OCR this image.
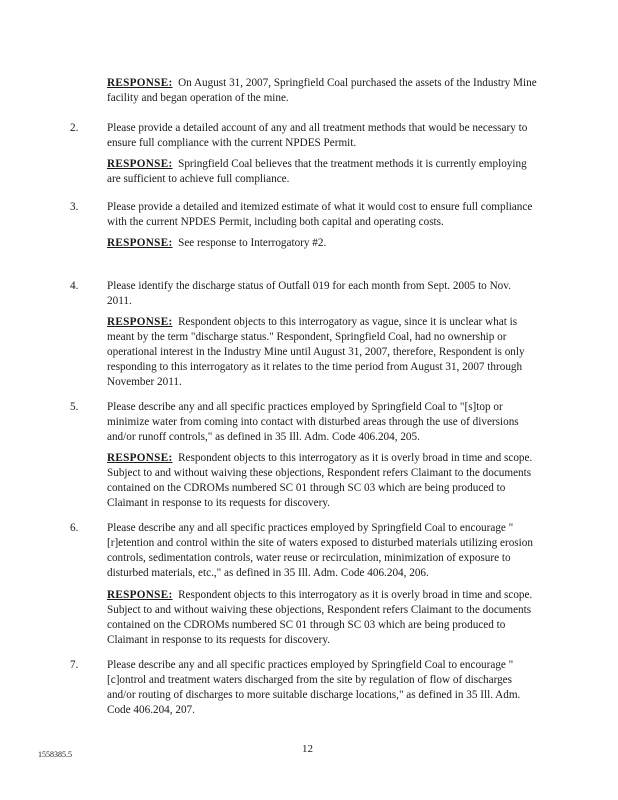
RESPONSE: On August 31, 2007, Springfield Coal purchased the assets of the Industry Mine facility and began operation of the mine.

2.	Please provide a detailed account of any and all treatment methods that would be necessary to ensure full compliance with the current NPDES Permit.

RESPONSE: Springfield Coal believes that the treatment methods it is currently employing are sufficient to achieve full compliance.

3.	Please provide a detailed and itemized estimate of what it would cost to ensure full compliance with the current NPDES Permit, including both capital and operating costs.

RESPONSE: See response to Interrogatory #2.

4.	Please identify the discharge status of Outfall 019 for each month from Sept. 2005 to Nov. 2011.

RESPONSE: Respondent objects to this interrogatory as vague, since it is unclear what is meant by the term "discharge status." Respondent, Springfield Coal, had no ownership or operational interest in the Industry Mine until August 31, 2007, therefore, Respondent is only responding to this interrogatory as it relates to the time period from August 31, 2007 through November 2011.

5.	Please describe any and all specific practices employed by Springfield Coal to "[s]top or minimize water from coming into contact with disturbed areas through the use of diversions and/or runoff controls," as defined in 35 Ill. Adm. Code 406.204, 205.

RESPONSE: Respondent objects to this interrogatory as it is overly broad in time and scope. Subject to and without waiving these objections, Respondent refers Claimant to the documents contained on the CDROMs numbered SC 01 through SC 03 which are being produced to Claimant in response to its requests for discovery.

6.	Please describe any and all specific practices employed by Springfield Coal to encourage "[r]etention and control within the site of waters exposed to disturbed materials utilizing erosion controls, sedimentation controls, water reuse or recirculation, minimization of exposure to disturbed materials, etc.," as defined in 35 Ill. Adm. Code 406.204, 206.

RESPONSE: Respondent objects to this interrogatory as it is overly broad in time and scope. Subject to and without waiving these objections, Respondent refers Claimant to the documents contained on the CDROMs numbered SC 01 through SC 03 which are being produced to Claimant in response to its requests for discovery.

7.	Please describe any and all specific practices employed by Springfield Coal to encourage "[c]ontrol and treatment waters discharged from the site by regulation of flow of discharges and/or routing of discharges to more suitable discharge locations," as defined in 35 Ill. Adm. Code 406.204, 207.

1558385.5	12
